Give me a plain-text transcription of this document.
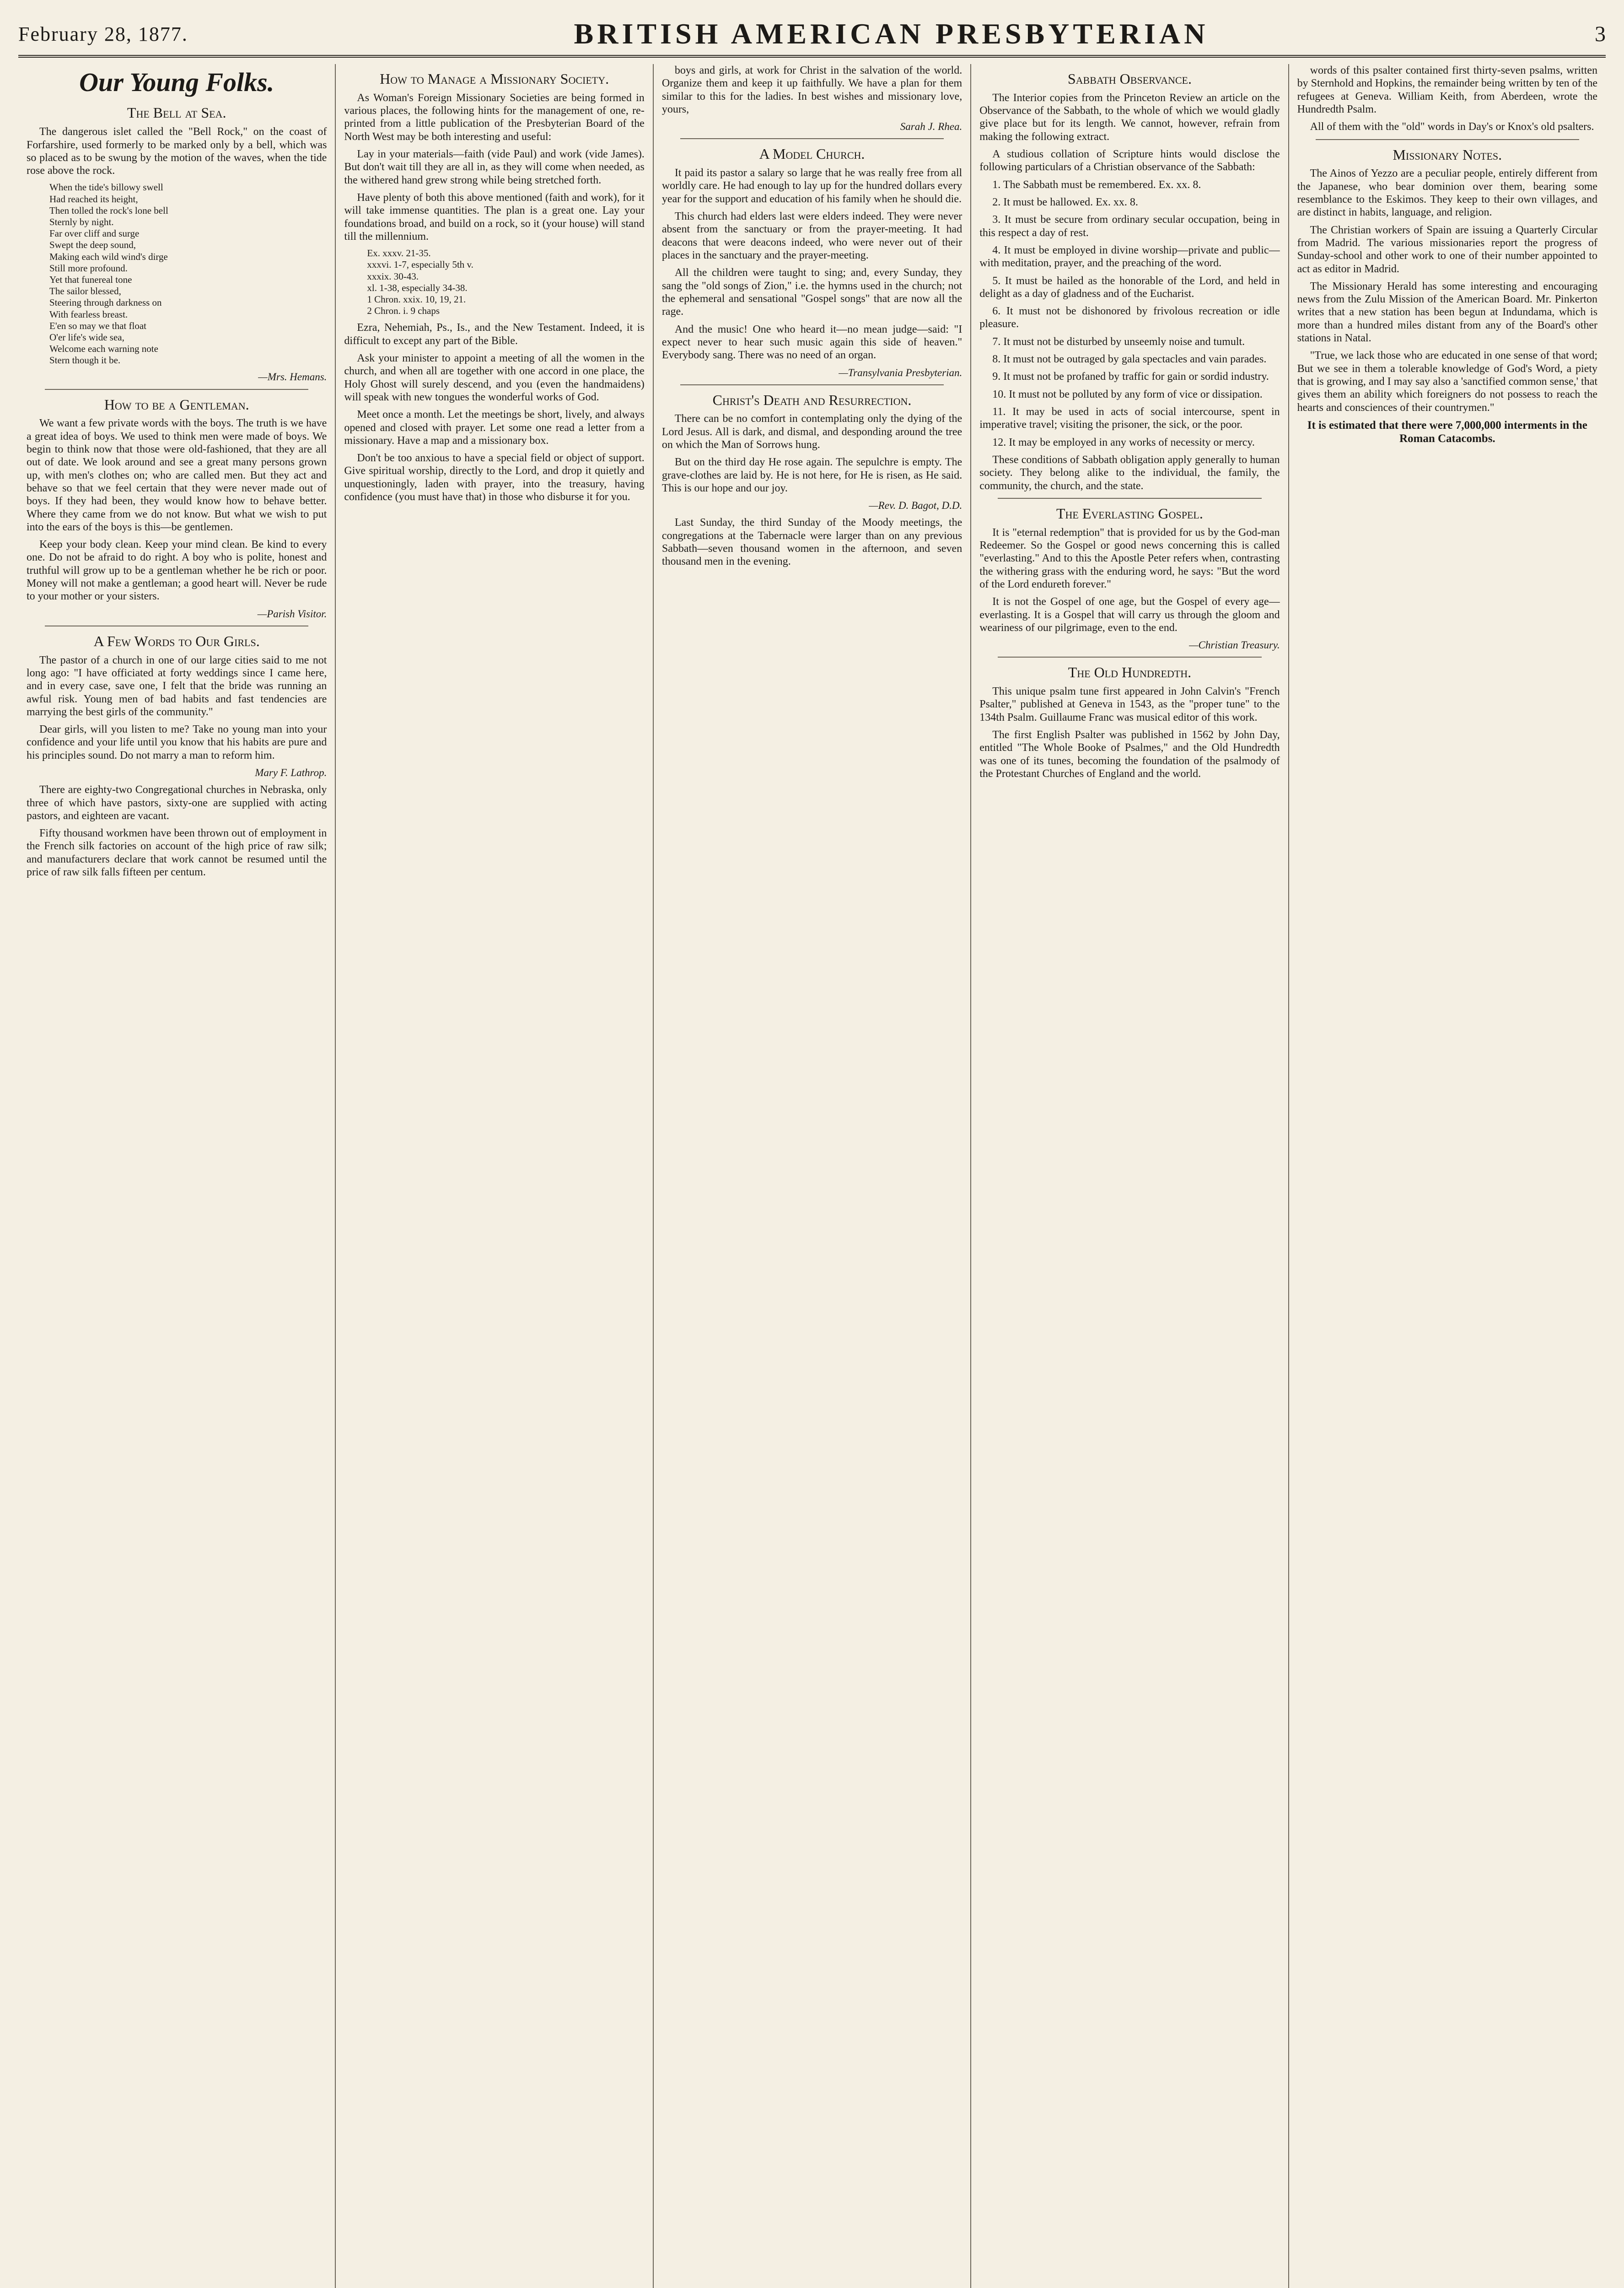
February 28, 1877.	BRITISH AMERICAN PRESBYTERIAN	3
Our Young Folks.
The Bell at Sea.

The dangerous islet called the "Bell Rock," on the coast of Forfarshire, used formerly to be marked only by a bell, which was so placed as to be swung by the motion of the waves, when the tide rose above the rock.

When the tide's billowy swell
Had reached its height,
Then tolled the rock's lone bell
Sternly by night.
Far over cliff and surge
Swept the deep sound,
Making each wild wind's dirge
Still more profound.
Yet that funereal tone
The sailor blessed,
Steering through darkness on
With fearless breast.
E'en so may we that float
O'er life's wide sea,
Welcome each warning note
Stern though it be.

—Mrs. Hemans.

How to be a Gentleman.

We want a few private words with the boys. The truth is we have a great idea of boys. We used to think men were made of boys. We begin to think now that those were old-fashioned, that they are all out of date. We look around and see a great many persons grown up, with men's clothes on; who are called men. But they act and behave so that we feel certain that they were never made out of boys. If they had been, they would know how to behave better. Where they came from we do not know. But what we wish to put into the ears of the boys is this—be gentlemen.

Keep your body clean. Keep your mind clean. Be kind to every one. Do not be afraid to do right. A boy who is polite, honest and truthful will grow up to be a gentleman whether he be rich or poor. Money will not make a gentleman; a good heart will. Never be rude to your mother or your sisters.

—Parish Visitor.

A Few Words to Our Girls.

The pastor of a church in one of our large cities said to me not long ago: "I have officiated at forty weddings since I came here, and in every case, save one, I felt that the bride was running an awful risk. Young men of bad habits and fast tendencies are marrying the best girls of the community."

Dear girls, will you listen to me? Take no young man into your confidence and your life until you know that his habits are pure and his principles sound. Do not marry a man to reform him.

Mary F. Lathrop.

There are eighty-two Congregational churches in Nebraska, only three of which have pastors, sixty-one are supplied with acting pastors, and eighteen are vacant.

Fifty thousand workmen have been thrown out of employment in the French silk factories on account of the high price of raw silk; and manufacturers declare that work cannot be resumed until the price of raw silk falls fifteen per centum.

How to Manage a Missionary Society.

As Woman's Foreign Missionary Societies are being formed in various places, the following hints for the management of one, re-printed from a little publication of the Presbyterian Board of the North West may be both interesting and useful:

Lay in your materials—faith (vide Paul) and work (vide James). But don't wait till they are all in, as they will come when needed, as the withered hand grew strong while being stretched forth.

Have plenty of both this above mentioned (faith and work), for it will take immense quantities. The plan is a great one. Lay your foundations broad, and build on a rock, so it (your house) will stand till the millennium.

Ex. xxxv. 21-35.
xxxvi. 1-7, especially 5th v.
xxxix. 30-43.
xl. 1-38, especially 34-38.
1 Chron. xxix. 10, 19, 21.
2 Chron. i. 9 chaps

Ezra, Nehemiah, Ps., Is., and the New Testament. Indeed, it is difficult to except any part of the Bible.

Ask your minister to appoint a meeting of all the women in the church, and when all are together with one accord in one place, the Holy Ghost will surely descend, and you (even the handmaidens) will speak with new tongues the wonderful works of God.

Meet once a month. Let the meetings be short, lively, and always opened and closed with prayer. Let some one read a letter from a missionary. Have a map and a missionary box.

Don't be too anxious to have a special field or object of support. Give spiritual worship, directly to the Lord, and drop it quietly and unquestioningly, laden with prayer, into the treasury, having confidence (you must have that) in those who disburse it for you.

boys and girls, at work for Christ in the salvation of the world. Organize them and keep it up faithfully. We have a plan for them similar to this for the ladies. In best wishes and missionary love, yours,

Sarah J. Rhea.

A Model Church.

It paid its pastor a salary so large that he was really free from all worldly care. He had enough to lay up for the hundred dollars every year for the support and education of his family when he should die.

This church had elders last were elders indeed. They were never absent from the sanctuary or from the prayer-meeting. It had deacons that were deacons indeed, who were never out of their places in the sanctuary and the prayer-meeting.

All the children were taught to sing; and, every Sunday, they sang the "old songs of Zion," i.e. the hymns used in the church; not the ephemeral and sensational "Gospel songs" that are now all the rage.

And the music! One who heard it—no mean judge—said: "I expect never to hear such music again this side of heaven." Everybody sang. There was no need of an organ.

—Transylvania Presbyterian.

Christ's Death and Resurrection.

There can be no comfort in contemplating only the dying of the Lord Jesus. All is dark, and dismal, and desponding around the tree on which the Man of Sorrows hung.

But on the third day He rose again. The sepulchre is empty. The grave-clothes are laid by. He is not here, for He is risen, as He said. This is our hope and our joy.

—Rev. D. Bagot, D.D.

Last Sunday, the third Sunday of the Moody meetings, the congregations at the Tabernacle were larger than on any previous Sabbath—seven thousand women in the afternoon, and seven thousand men in the evening.

Sabbath Observance.

The Interior copies from the Princeton Review an article on the Observance of the Sabbath, to the whole of which we would gladly give place but for its length. We cannot, however, refrain from making the following extract.

A studious collation of Scripture hints would disclose the following particulars of a Christian observance of the Sabbath:

1. The Sabbath must be remembered. Ex. xx. 8.

2. It must be hallowed. Ex. xx. 8.

3. It must be secure from ordinary secular occupation, being in this respect a day of rest.

4. It must be employed in divine worship—private and public—with meditation, prayer, and the preaching of the word.

5. It must be hailed as the honorable of the Lord, and held in delight as a day of gladness and of the Eucharist.

6. It must not be dishonored by frivolous recreation or idle pleasure.

7. It must not be disturbed by unseemly noise and tumult.

8. It must not be outraged by gala spectacles and vain parades.

9. It must not be profaned by traffic for gain or sordid industry.

10. It must not be polluted by any form of vice or dissipation.

11. It may be used in acts of social intercourse, spent in imperative travel; visiting the prisoner, the sick, or the poor.

12. It may be employed in any works of necessity or mercy.

These conditions of Sabbath obligation apply generally to human society. They belong alike to the individual, the family, the community, the church, and the state.

The Everlasting Gospel.

It is "eternal redemption" that is provided for us by the God-man Redeemer. So the Gospel or good news concerning this is called "everlasting." And to this the Apostle Peter refers when, contrasting the withering grass with the enduring word, he says: "But the word of the Lord endureth forever."

It is not the Gospel of one age, but the Gospel of every age—everlasting. It is a Gospel that will carry us through the gloom and weariness of our pilgrimage, even to the end.

—Christian Treasury.

The Old Hundredth.

This unique psalm tune first appeared in John Calvin's "French Psalter," published at Geneva in 1543, as the "proper tune" to the 134th Psalm. Guillaume Franc was musical editor of this work.

The first English Psalter was published in 1562 by John Day, entitled "The Whole Booke of Psalmes," and the Old Hundredth was one of its tunes, becoming the foundation of the psalmody of the Protestant Churches of England and the world.

words of this psalter contained first thirty-seven psalms, written by Sternhold and Hopkins, the remainder being written by ten of the refugees at Geneva. William Keith, from Aberdeen, wrote the Hundredth Psalm.

All of them with the "old" words in Day's or Knox's old psalters.

Missionary Notes.

The Ainos of Yezzo are a peculiar people, entirely different from the Japanese, who bear dominion over them, bearing some resemblance to the Eskimos. They keep to their own villages, and are distinct in habits, language, and religion.

The Christian workers of Spain are issuing a Quarterly Circular from Madrid. The various missionaries report the progress of Sunday-school and other work to one of their number appointed to act as editor in Madrid.

The Missionary Herald has some interesting and encouraging news from the Zulu Mission of the American Board. Mr. Pinkerton writes that a new station has been begun at Indundama, which is more than a hundred miles distant from any of the Board's other stations in Natal.

"True, we lack those who are educated in one sense of that word; But we see in them a tolerable knowledge of God's Word, a piety that is growing, and I may say also a 'sanctified common sense,' that gives them an ability which foreigners do not possess to reach the hearts and consciences of their countrymen."

It is estimated that there were 7,000,000 interments in the Roman Catacombs.
